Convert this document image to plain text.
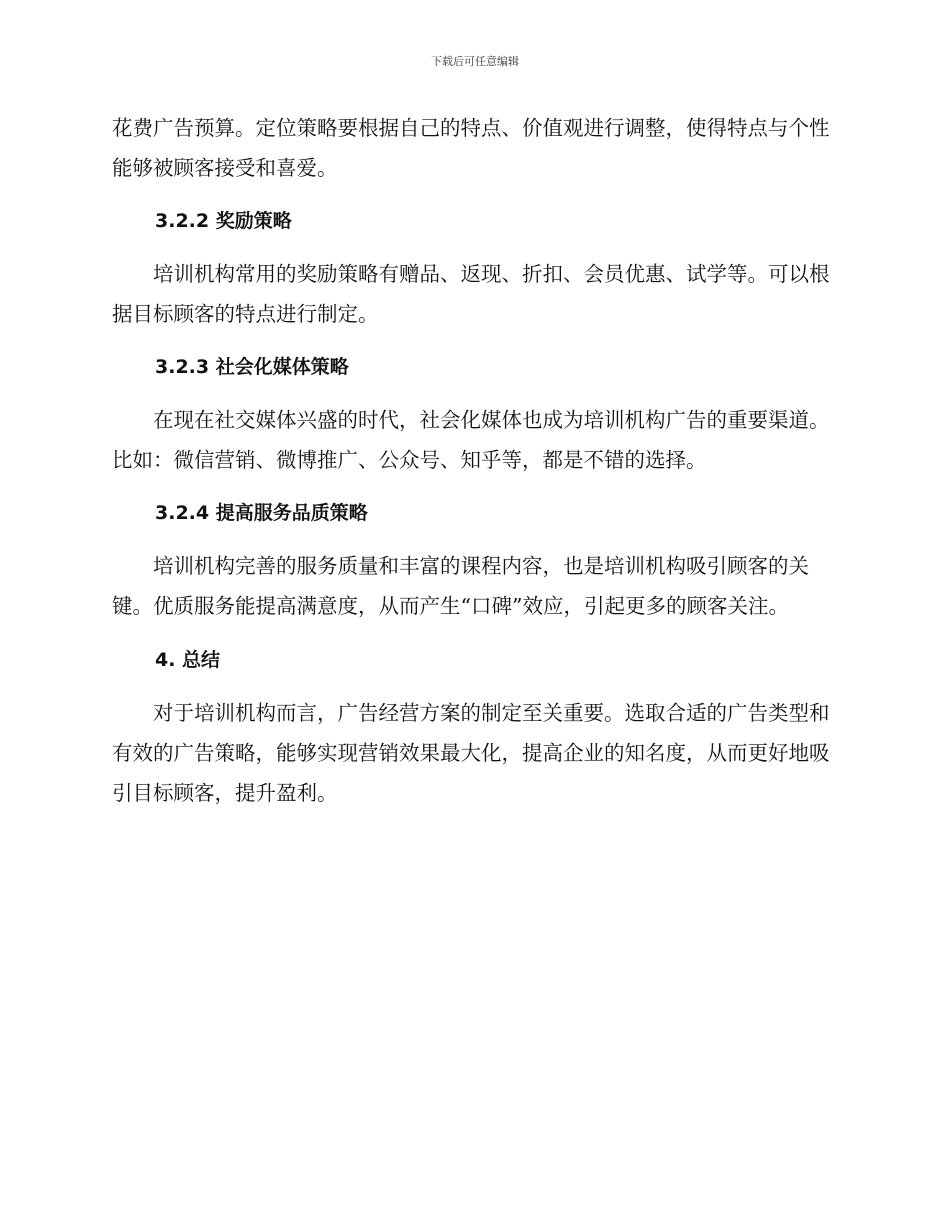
下载后可任意编辑

花费广告预算。定位策略要根据自己的特点、价值观进行调整，使得特点与个性能够被顾客接受和喜爱。

3.2.2 奖励策略

培训机构常用的奖励策略有赠品、返现、折扣、会员优惠、试学等。可以根据目标顾客的特点进行制定。

3.2.3 社会化媒体策略

在现在社交媒体兴盛的时代，社会化媒体也成为培训机构广告的重要渠道。比如：微信营销、微博推广、公众号、知乎等，都是不错的选择。

3.2.4 提高服务品质策略

培训机构完善的服务质量和丰富的课程内容，也是培训机构吸引顾客的关键。优质服务能提高满意度，从而产生“口碑”效应，引起更多的顾客关注。

4. 总结

对于培训机构而言，广告经营方案的制定至关重要。选取合适的广告类型和有效的广告策略，能够实现营销效果最大化，提高企业的知名度，从而更好地吸引目标顾客，提升盈利。
